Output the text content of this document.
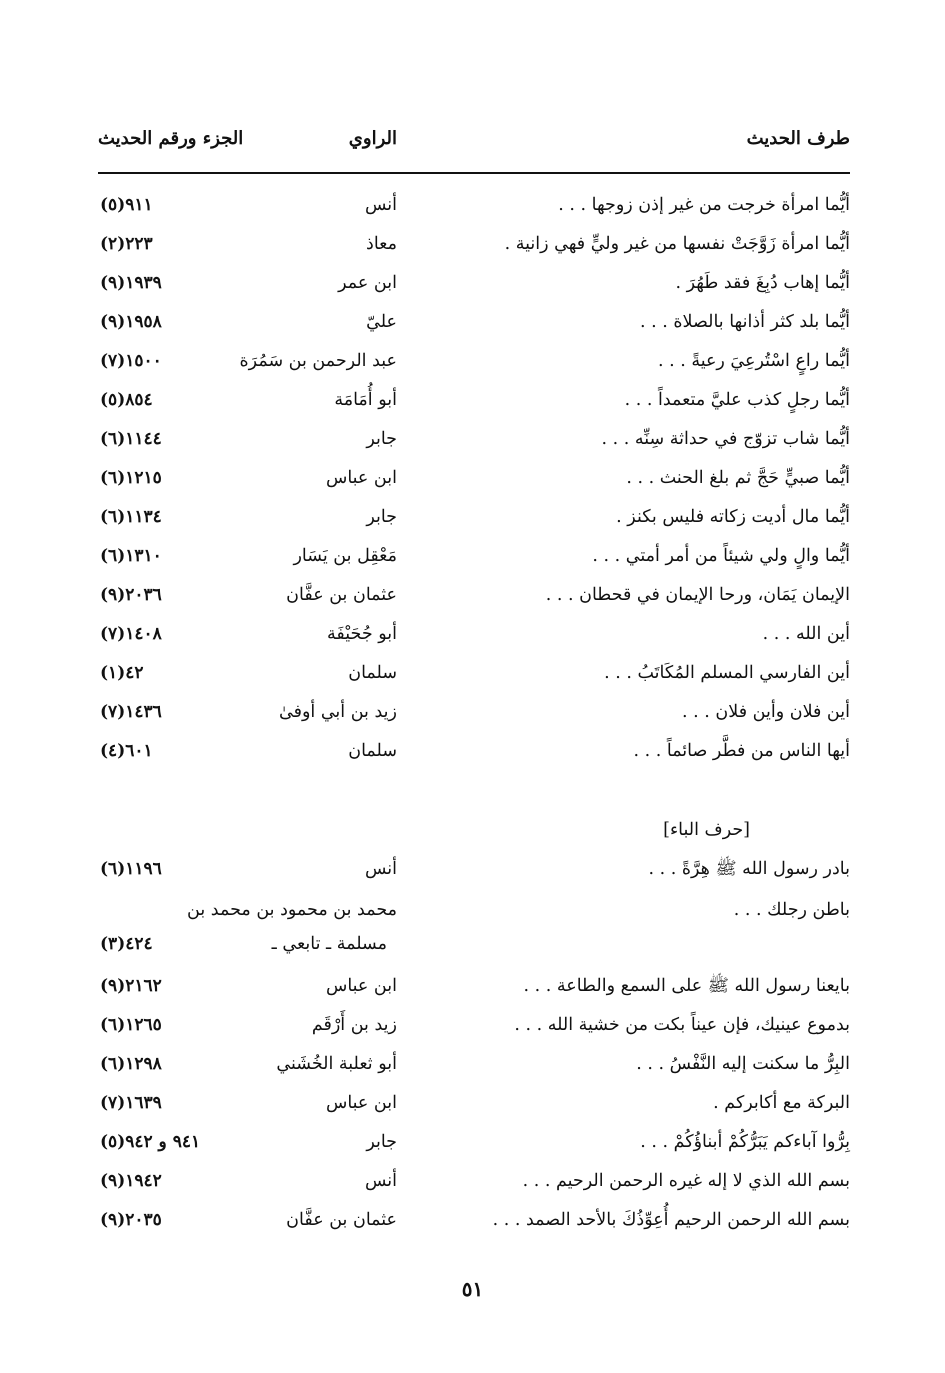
طرف الحديث
الراوي
الجزء ورقم الحديث
أيُّما امرأة خرجت من غير إذن زوجها . . .
أنس
(٥)٩١١
أيُّما امرأة زَوَّجَتْ نفسها من غير وليٍّ فهي زانية .
معاذ
(٢)٢٢٣
أيُّما إهاب دُبِغَ فقد طَهُرَ .
ابن عمر
(٩)١٩٣٩
أيُّما بلد كثر أذانها بالصلاة . . .
عليّ
(٩)١٩٥٨
أيُّما راعٍ اسْتُرعِيَ رعيةً . . .
عبد الرحمن بن سَمُرَة
(٧)١٥٠٠
أيُّما رجلٍ كذب عليَّ متعمداً . . .
أبو أُمَامَة
(٥)٨٥٤
أيُّما شاب تزوّج في حداثة سِنِّه . . .
جابر
(٦)١١٤٤
أيُّما صبيٍّ حَجَّ ثم بلغ الحنث . . .
ابن عباس
(٦)١٢١٥
أيُّما مال أديت زكاته فليس بكنز .
جابر
(٦)١١٣٤
أيُّما والٍ ولي شيئاً من أمر أمتي . . .
مَعْقِل بن يَسَار
(٦)١٣١٠
الإيمان يَمَان، ورحا الإيمان في قحطان . . .
عثمان بن عفَّان
(٩)٢٠٣٦
أين الله . . .
أبو جُحَيْفَة
(٧)١٤٠٨
أين الفارسي المسلم المُكَاتَبُ . . .
سلمان
(١)٤٢
أين فلان وأين فلان . . .
زيد بن أبي أوفىٰ
(٧)١٤٣٦
أيها الناس من فطَّر صائماً . . .
سلمان
(٤)٦٠١
[حرف الباء]
بادر رسول الله ﷺ هِرَّةً . . .
أنس
(٦)١١٩٦
باطن رجلك . . .
محمد بن محمود بن محمد بن
مسلمة ـ تابعي ـ
(٣)٤٢٤
بايعنا رسول الله ﷺ على السمع والطاعة . . .
ابن عباس
(٩)٢١٦٢
بدموع عينيك، فإن عيناً بكت من خشية الله . . .
زيد بن أَرْقَم
(٦)١٢٦٥
البِرُّ ما سكنت إليه النَّفْسُ . . .
أبو ثعلبة الخُشَني
(٦)١٢٩٨
البركة مع أكابركم .
ابن عباس
(٧)١٦٣٩
بِرُّوا آباءكم يَبَرُّكُمْ أبناؤُكُمْ . . .
جابر
(٥)٩٤١ و ٩٤٢
بسم الله الذي لا إله غيره الرحمن الرحيم . . .
أنس
(٩)١٩٤٢
بسم الله الرحمن الرحيم أُعِوِّذُكَ بالأحد الصمد . . .
عثمان بن عفَّان
(٩)٢٠٣٥
٥١
